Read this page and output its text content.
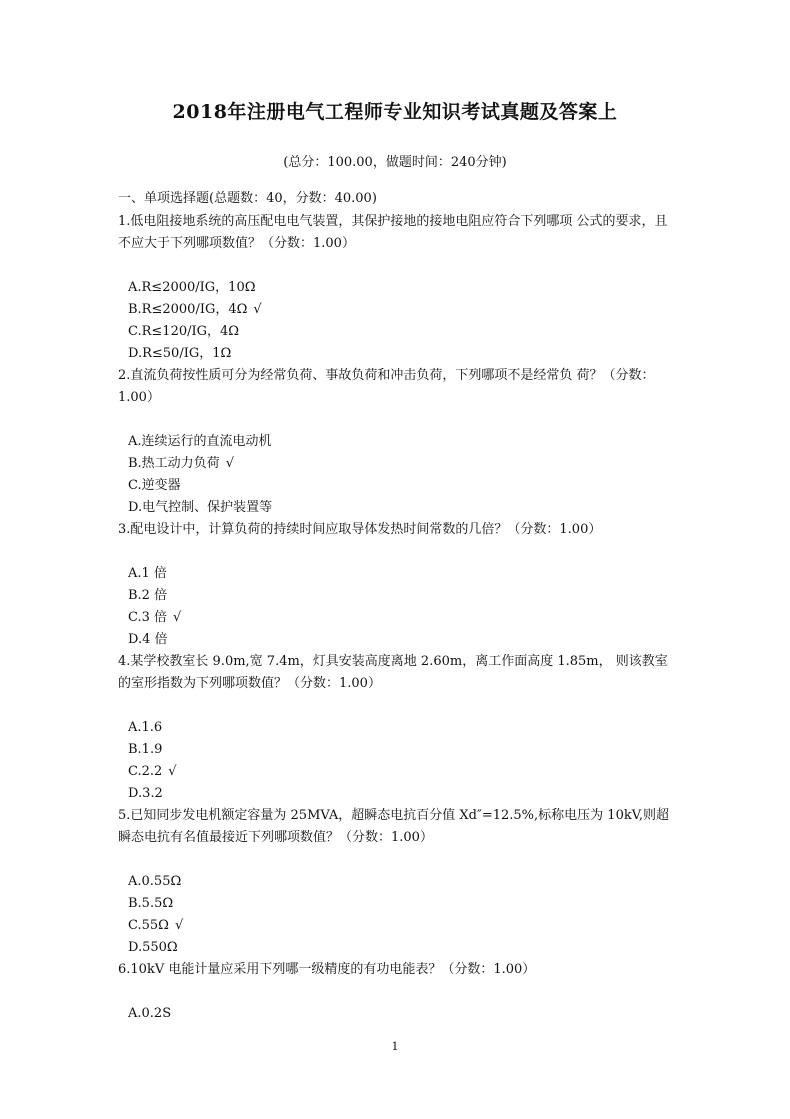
2018年注册电气工程师专业知识考试真题及答案上
(总分：100.00，做题时间：240分钟)
一、单项选择题(总题数：40，分数：40.00)
1.低电阻接地系统的高压配电电气装置，其保护接地的接地电阻应符合下列哪项 公式的要求，且不应大于下列哪项数值？（分数：1.00）
A.R≤2000/IG，10Ω
B.R≤2000/IG，4Ω √
C.R≤120/IG，4Ω
D.R≤50/IG，1Ω
2.直流负荷按性质可分为经常负荷、事故负荷和冲击负荷，下列哪项不是经常负 荷？（分数：1.00）
A.连续运行的直流电动机
B.热工动力负荷 √
C.逆变器
D.电气控制、保护装置等
3.配电设计中，计算负荷的持续时间应取导体发热时间常数的几倍？（分数：1.00）
A.1 倍
B.2 倍
C.3 倍 √
D.4 倍
4.某学校教室长 9.0m,宽 7.4m，灯具安装高度离地 2.60m，离工作面高度 1.85m， 则该教室的室形指数为下列哪项数值？（分数：1.00）
A.1.6
B.1.9
C.2.2 √
D.3.2
5.已知同步发电机额定容量为 25MVA，超瞬态电抗百分值 Xd″=12.5%,标称电压为 10kV,则超瞬态电抗有名值最接近下列哪项数值？（分数：1.00）
A.0.55Ω
B.5.5Ω
C.55Ω √
D.550Ω
6.10kV 电能计量应采用下列哪一级精度的有功电能表？（分数：1.00）
A.0.2S
1
